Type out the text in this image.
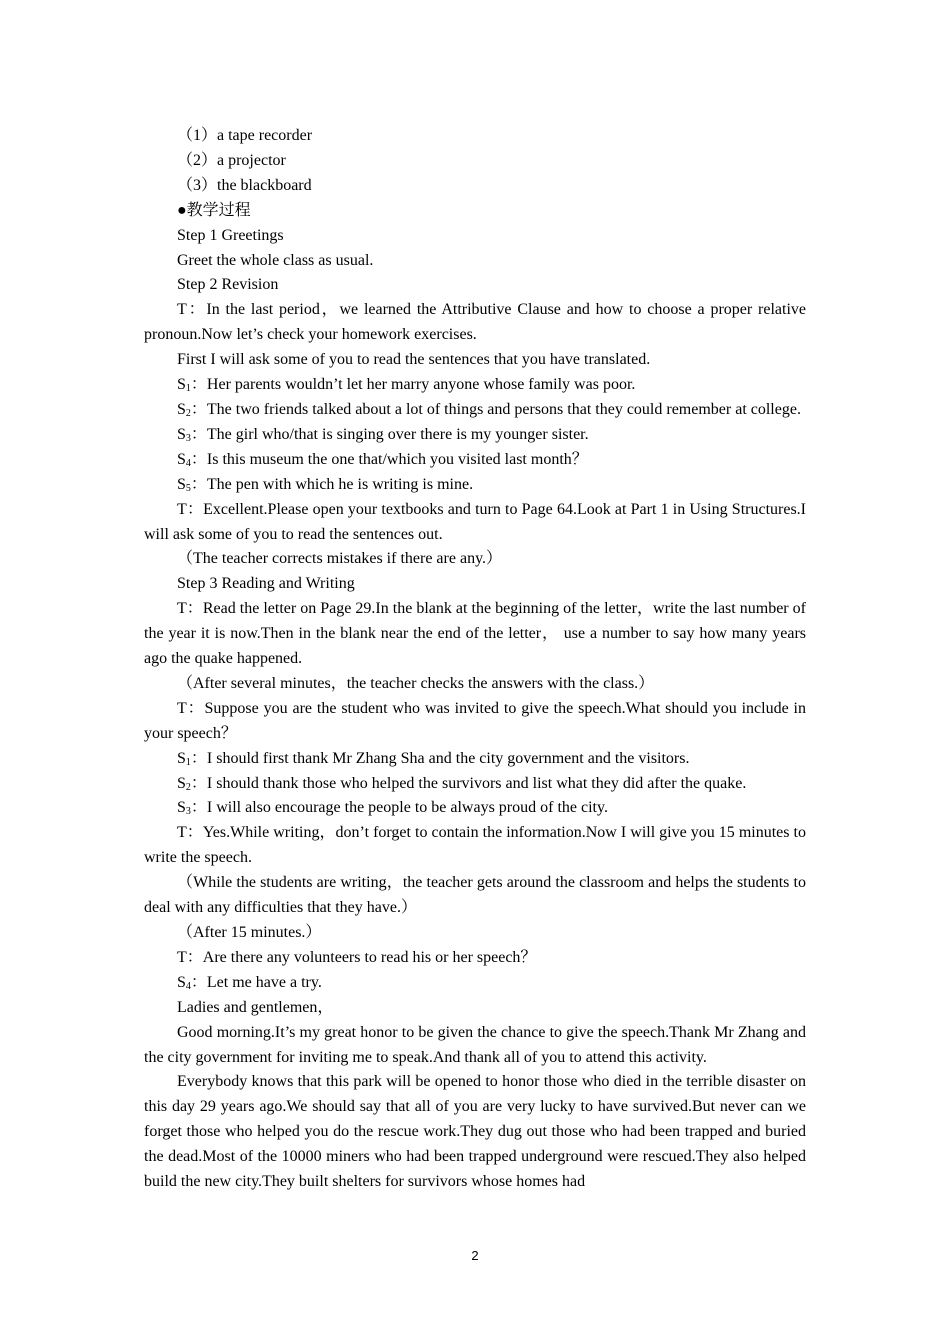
（1）a tape recorder

（2）a projector

（3）the blackboard

●教学过程

Step 1 Greetings

Greet the whole class as usual.

Step 2 Revision

T：In the last period，we learned the Attributive Clause and how to choose a proper relative pronoun.Now let’s check your homework exercises.

First I will ask some of you to read the sentences that you have translated.

$S_1$：Her parents wouldn’t let her marry anyone whose family was poor.

$S_2$：The two friends talked about a lot of things and persons that they could remember at college.

$S_3$：The girl who/that is singing over there is my younger sister.

$S_4$：Is this museum the one that/which you visited last month？

$S_5$：The pen with which he is writing is mine.

T：Excellent.Please open your textbooks and turn to Page 64.Look at Part 1 in Using Structures.I will ask some of you to read the sentences out.

（The teacher corrects mistakes if there are any.）

Step 3 Reading and Writing

T：Read the letter on Page 29.In the blank at the beginning of the letter，write the last number of the year it is now.Then in the blank near the end of the letter， use a number to say how many years ago the quake happened.

（After several minutes，the teacher checks the answers with the class.）

T：Suppose you are the student who was invited to give the speech.What should you include in your speech？

$S_1$：I should first thank Mr Zhang Sha and the city government and the visitors.

$S_2$：I should thank those who helped the survivors and list what they did after the quake.

$S_3$：I will also encourage the people to be always proud of the city.

T：Yes.While writing，don’t forget to contain the information.Now I will give you 15 minutes to write the speech.

（While the students are writing，the teacher gets around the classroom and helps the students to deal with any difficulties that they have.）

（After 15 minutes.）

T：Are there any volunteers to read his or her speech？

$S_4$：Let me have a try.

Ladies and gentlemen，

Good morning.It’s my great honor to be given the chance to give the speech.Thank Mr Zhang and the city government for inviting me to speak.And thank all of you to attend this activity.

Everybody knows that this park will be opened to honor those who died in the terrible disaster on this day 29 years ago.We should say that all of you are very lucky to have survived.But never can we forget those who helped you do the rescue work.They dug out those who had been trapped and buried the dead.Most of the 10000 miners who had been trapped underground were rescued.They also helped build the new city.They built shelters for survivors whose homes had

2
